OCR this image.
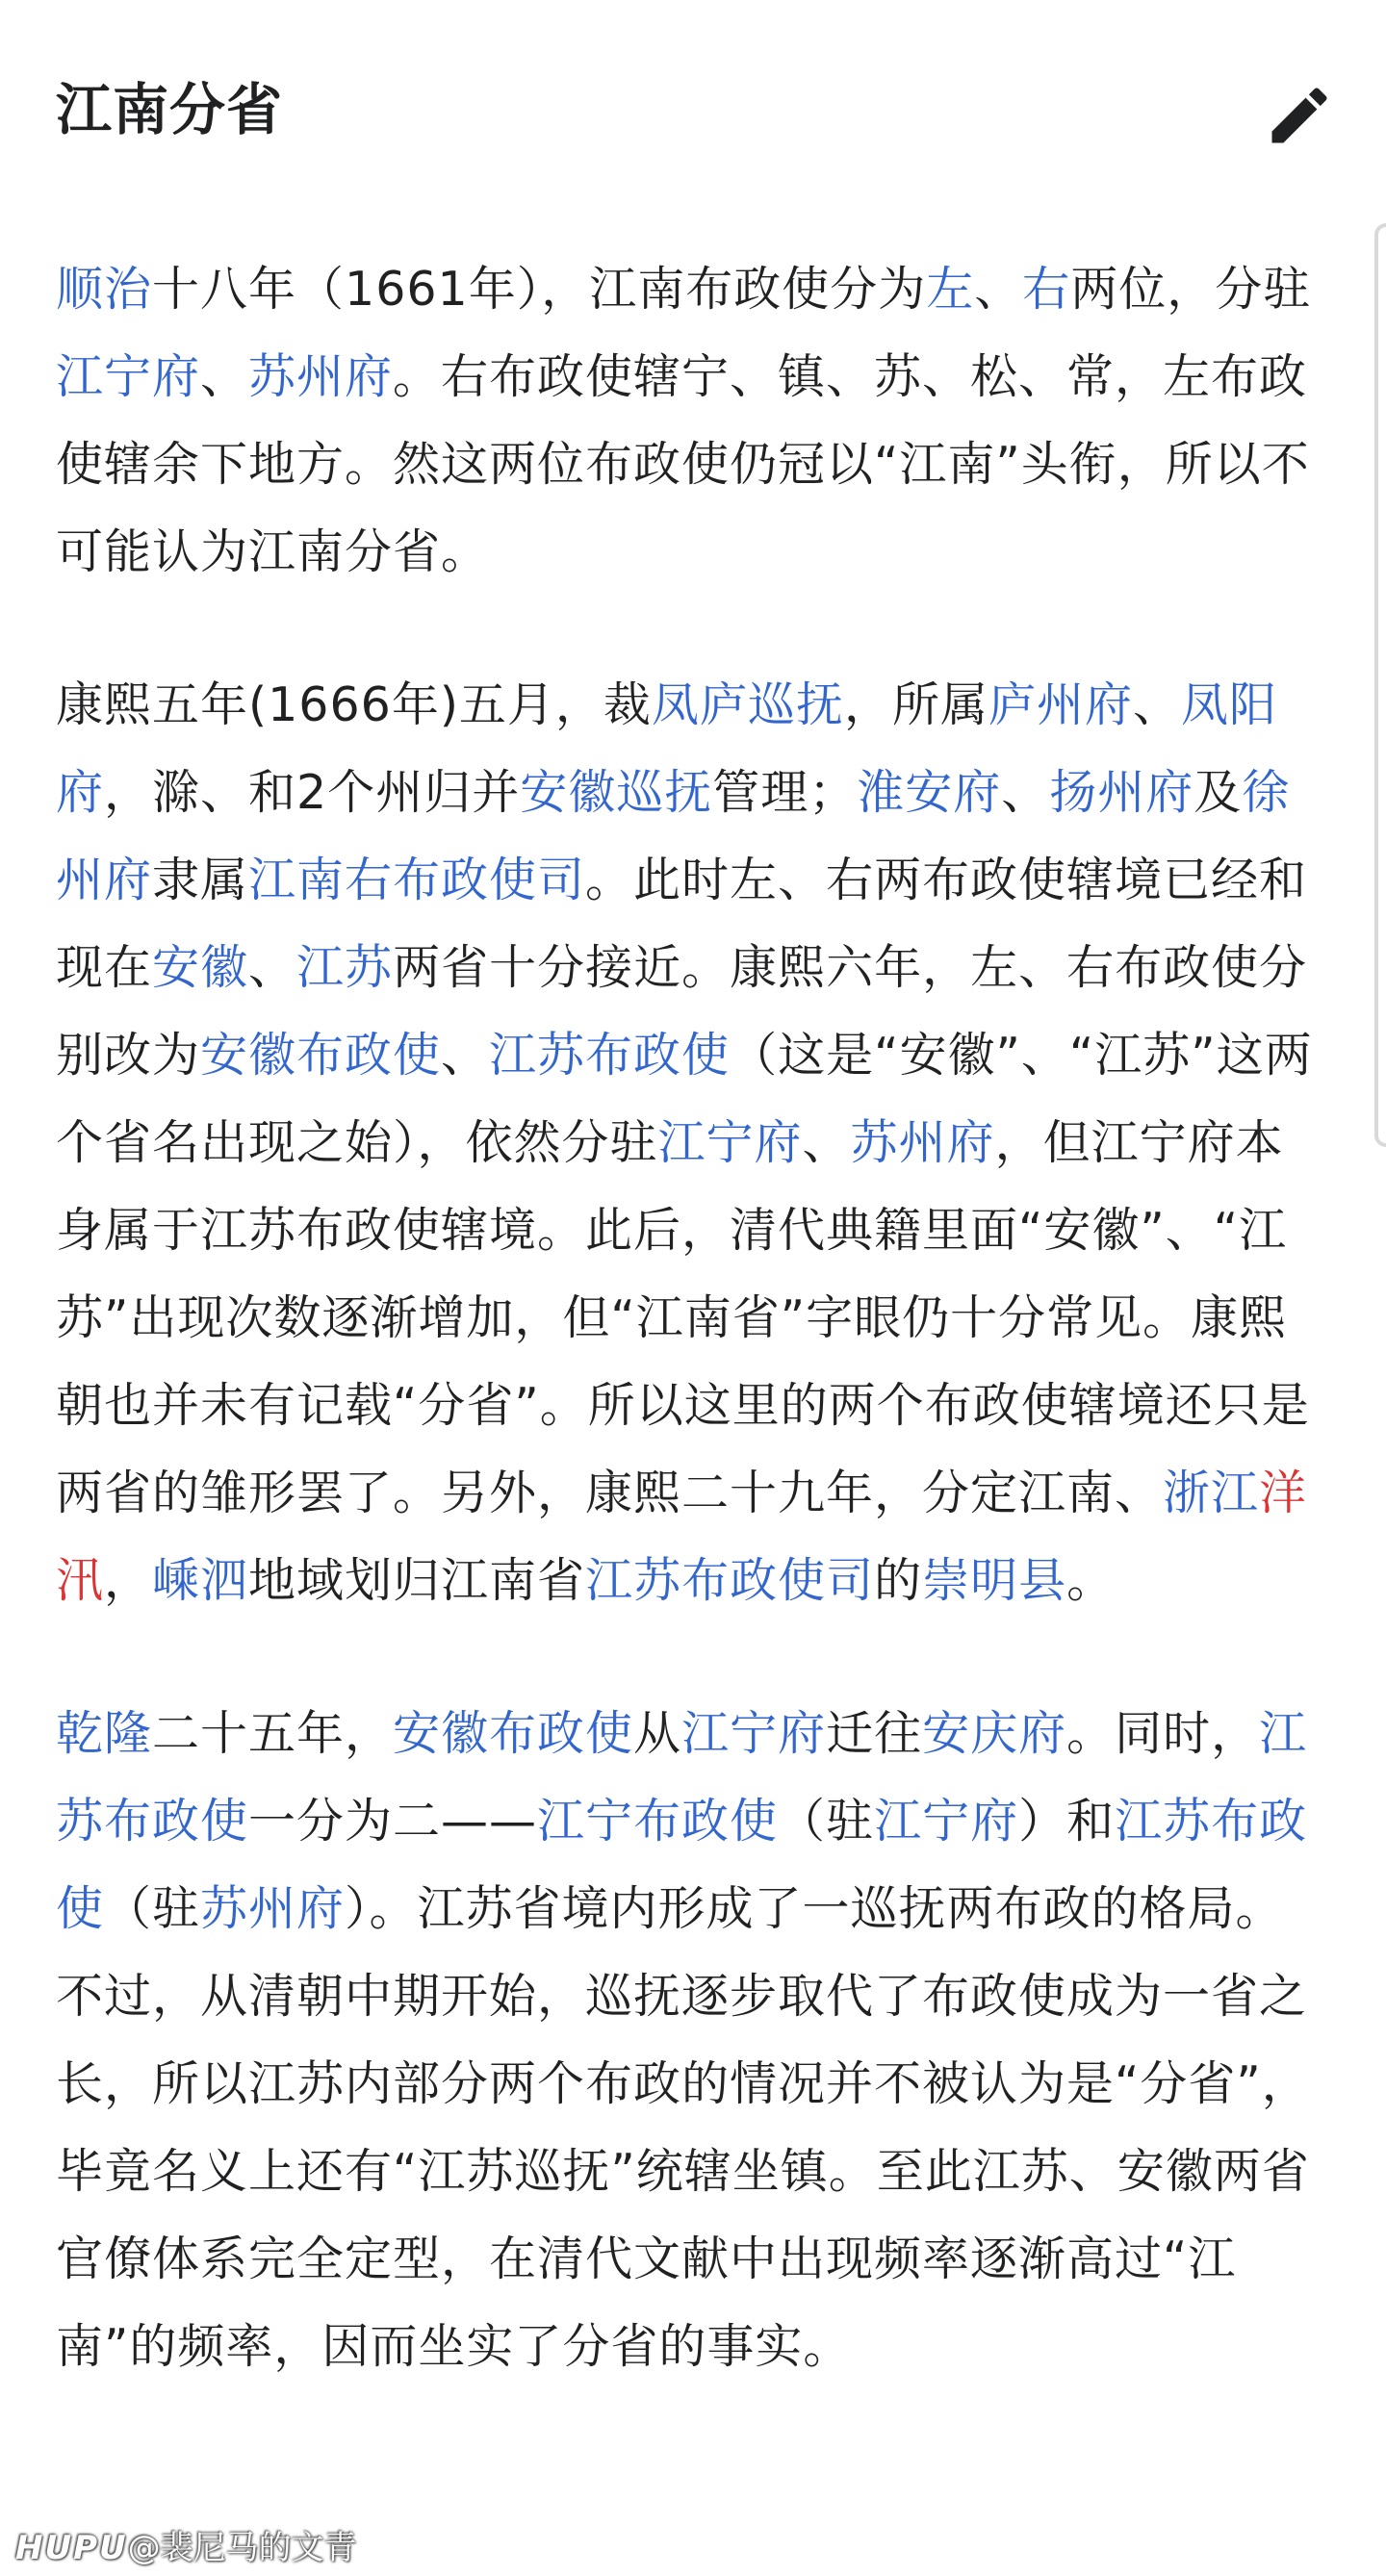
江南分省

顺治十八年（1661年），江南布政使分为左、右两位，分驻江宁府、苏州府。右布政使辖宁、镇、苏、松、常，左布政使辖余下地方。然这两位布政使仍冠以“江南”头衔，所以不可能认为江南分省。

康熙五年(1666年)五月，裁凤庐巡抚，所属庐州府、凤阳府，滁、和2个州归并安徽巡抚管理；淮安府、扬州府及徐州府隶属江南右布政使司。此时左、右两布政使辖境已经和现在安徽、江苏两省十分接近。康熙六年，左、右布政使分别改为安徽布政使、江苏布政使（这是“安徽”、“江苏”这两个省名出现之始），依然分驻江宁府、苏州府，但江宁府本身属于江苏布政使辖境。此后，清代典籍里面“安徽”、“江苏”出现次数逐渐增加，但“江南省”字眼仍十分常见。康熙朝也并未有记载“分省”。所以这里的两个布政使辖境还只是两省的雏形罢了。另外，康熙二十九年，分定江南、浙江洋汛，嵊泗地域划归江南省江苏布政使司的崇明县。

乾隆二十五年，安徽布政使从江宁府迁往安庆府。同时，江苏布政使一分为二——江宁布政使（驻江宁府）和江苏布政使（驻苏州府）。江苏省境内形成了一巡抚两布政的格局。不过，从清朝中期开始，巡抚逐步取代了布政使成为一省之长，所以江苏内部分两个布政的情况并不被认为是“分省”，毕竟名义上还有“江苏巡抚”统辖坐镇。至此江苏、安徽两省官僚体系完全定型，在清代文献中出现频率逐渐高过“江南”的频率，因而坐实了分省的事实。

HUPU@裴尼马的文青
